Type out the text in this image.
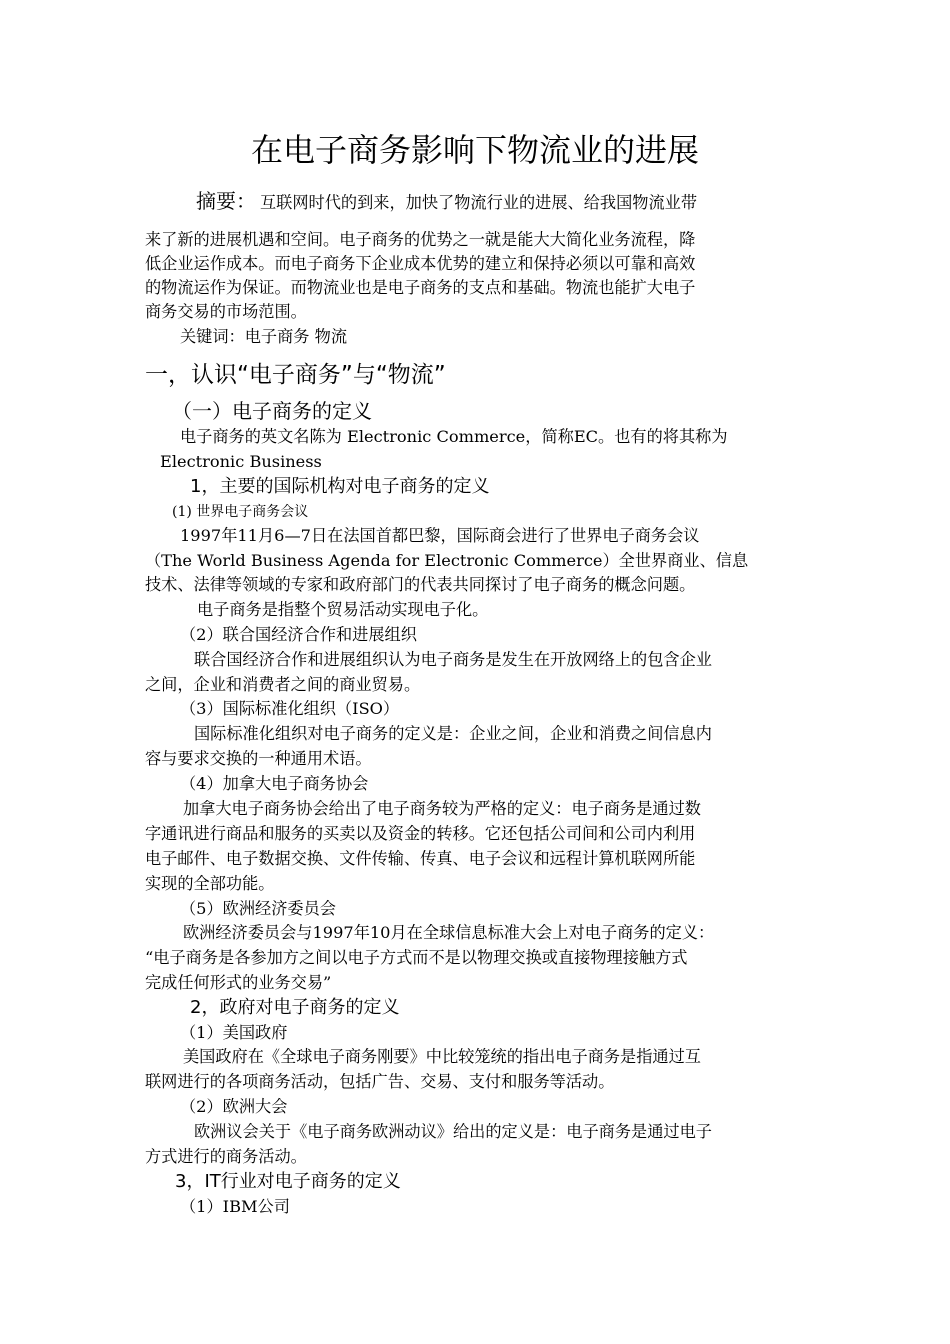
在电子商务影响下物流业的进展
摘要： 互联网时代的到来，加快了物流行业的进展、给我国物流业带
来了新的进展机遇和空间。电子商务的优势之一就是能大大简化业务流程，降
低企业运作成本。而电子商务下企业成本优势的建立和保持必须以可靠和高效
的物流运作为保证。而物流业也是电子商务的支点和基础。物流也能扩大电子
商务交易的市场范围。
关键词：电子商务 物流
一，认识“电子商务”与“物流”
（一）电子商务的定义
电子商务的英文名陈为 Electronic Commerce，简称EC。也有的将其称为
Electronic Business
1，主要的国际机构对电子商务的定义
(1) 世界电子商务会议
1997年11月6—7日在法国首都巴黎，国际商会进行了世界电子商务会议
（The World Business Agenda for Electronic Commerce）全世界商业、信息
技术、法律等领域的专家和政府部门的代表共同探讨了电子商务的概念问题。
电子商务是指整个贸易活动实现电子化。
（2）联合国经济合作和进展组织
联合国经济合作和进展组织认为电子商务是发生在开放网络上的包含企业
之间，企业和消费者之间的商业贸易。
（3）国际标准化组织（ISO）
国际标准化组织对电子商务的定义是：企业之间，企业和消费之间信息内
容与要求交换的一种通用术语。
（4）加拿大电子商务协会
加拿大电子商务协会给出了电子商务较为严格的定义：电子商务是通过数
字通讯进行商品和服务的买卖以及资金的转移。它还包括公司间和公司内利用
电子邮件、电子数据交换、文件传输、传真、电子会议和远程计算机联网所能
实现的全部功能。
（5）欧洲经济委员会
欧洲经济委员会与1997年10月在全球信息标准大会上对电子商务的定义：
“电子商务是各参加方之间以电子方式而不是以物理交换或直接物理接触方式
完成任何形式的业务交易”
2，政府对电子商务的定义
（1）美国政府
美国政府在《全球电子商务刚要》中比较笼统的指出电子商务是指通过互
联网进行的各项商务活动，包括广告、交易、支付和服务等活动。
（2）欧洲大会
欧洲议会关于《电子商务欧洲动议》给出的定义是：电子商务是通过电子
方式进行的商务活动。
3，IT行业对电子商务的定义
（1）IBM公司
